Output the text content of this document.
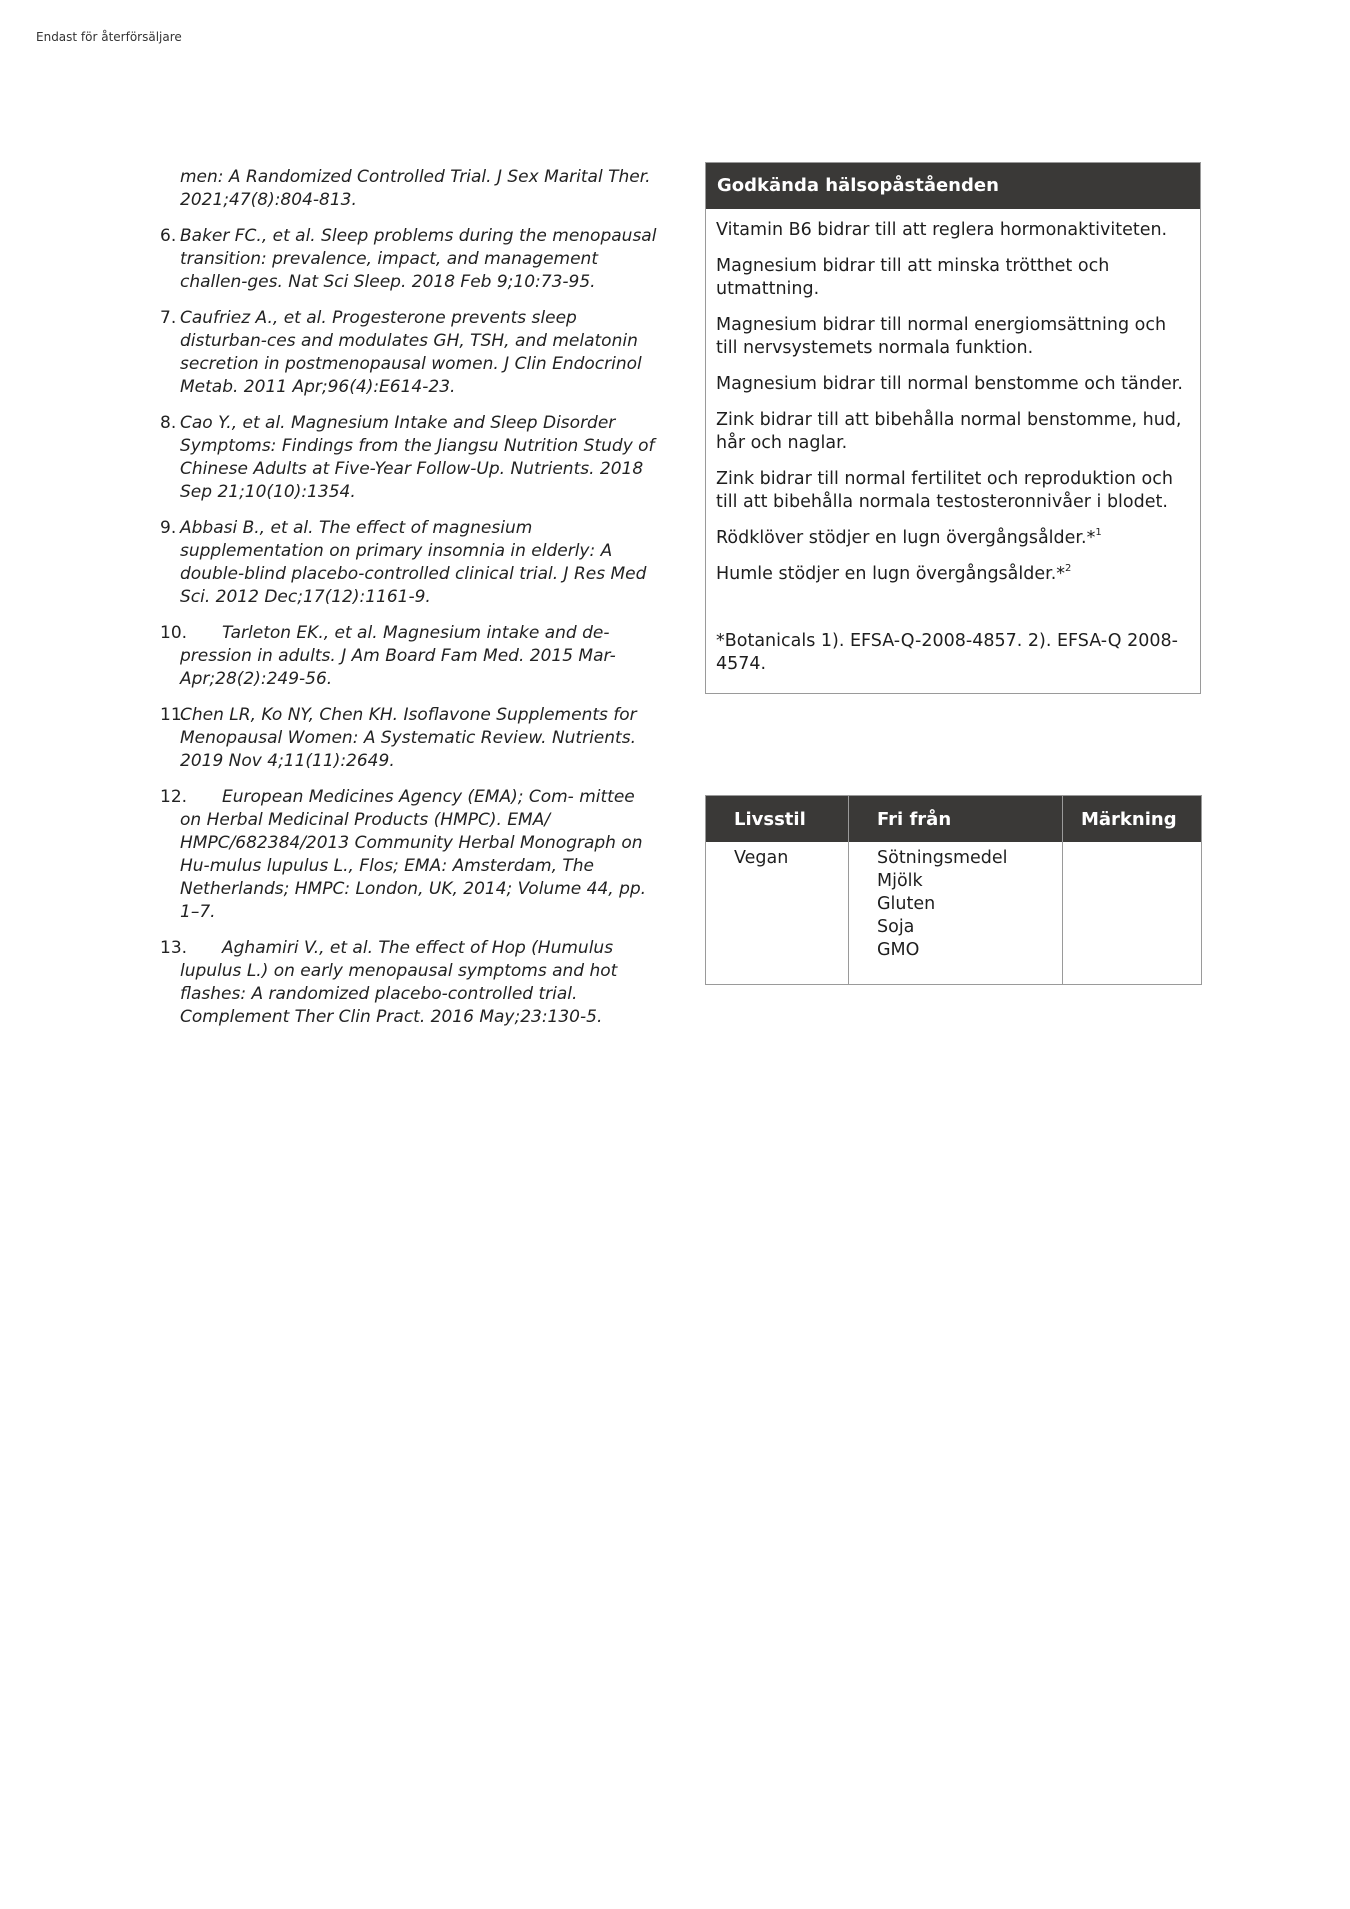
Endast för återförsäljare
men: A Randomized Controlled Trial. J Sex Marital Ther. 2021;47(8):804-813.
6. Baker FC., et al. Sleep problems during the menopausal transition: prevalence, impact, and management challen-ges. Nat Sci Sleep. 2018 Feb 9;10:73-95.
7. Caufriez A., et al. Progesterone prevents sleep disturban-ces and modulates GH, TSH, and melatonin secretion in postmenopausal women. J Clin Endocrinol Metab. 2011 Apr;96(4):E614-23.
8. Cao Y., et al. Magnesium Intake and Sleep Disorder Symptoms: Findings from the Jiangsu Nutrition Study of Chinese Adults at Five-Year Follow-Up. Nutrients. 2018 Sep 21;10(10):1354.
9. Abbasi B., et al. The effect of magnesium supplementation on primary insomnia in elderly: A double-blind placebo-controlled clinical trial. J Res Med Sci. 2012 Dec;17(12):1161-9.
10. Tarleton EK., et al. Magnesium intake and de- pression in adults. J Am Board Fam Med. 2015 Mar-Apr;28(2):249-56.
11.
Chen LR, Ko NY, Chen KH. Isoflavone Supplements for Menopausal Women: A Systematic Review. Nutrients. 2019 Nov 4;11(11):2649.
12. European Medicines Agency (EMA); Com- mittee on Herbal Medicinal Products (HMPC). EMA/ HMPC/682384/2013 Community Herbal Monograph on Hu-mulus lupulus L., Flos; EMA: Amsterdam, The Netherlands; HMPC: London, UK, 2014; Volume 44, pp. 1–7.
13. Aghamiri V., et al. The effect of Hop (Humulus lupulus L.) on early menopausal symptoms and hot flashes: A randomized placebo-controlled trial. Complement Ther Clin Pract. 2016 May;23:130-5.
Godkända hälsopåståenden
Vitamin B6 bidrar till att reglera hormonaktiviteten.
Magnesium bidrar till att minska trötthet och utmattning.
Magnesium bidrar till normal energiomsättning och till nervsystemets normala funktion.
Magnesium bidrar till normal benstomme och tänder.
Zink bidrar till att bibehålla normal benstomme, hud, hår och naglar.
Zink bidrar till normal fertilitet och reproduktion och till att bibehålla normala testosteronnivåer i blodet.
Rödklöver stödjer en lugn övergångsålder.*$^1$
Humle stödjer en lugn övergångsålder.*$^2$
*Botanicals 1). EFSA-Q-2008-4857. 2). EFSA-Q 2008-4574.
Livsstil	Fri från	Märkning
Vegan	Sötningsmedel
Mjölk
Gluten
Soja
GMO	
